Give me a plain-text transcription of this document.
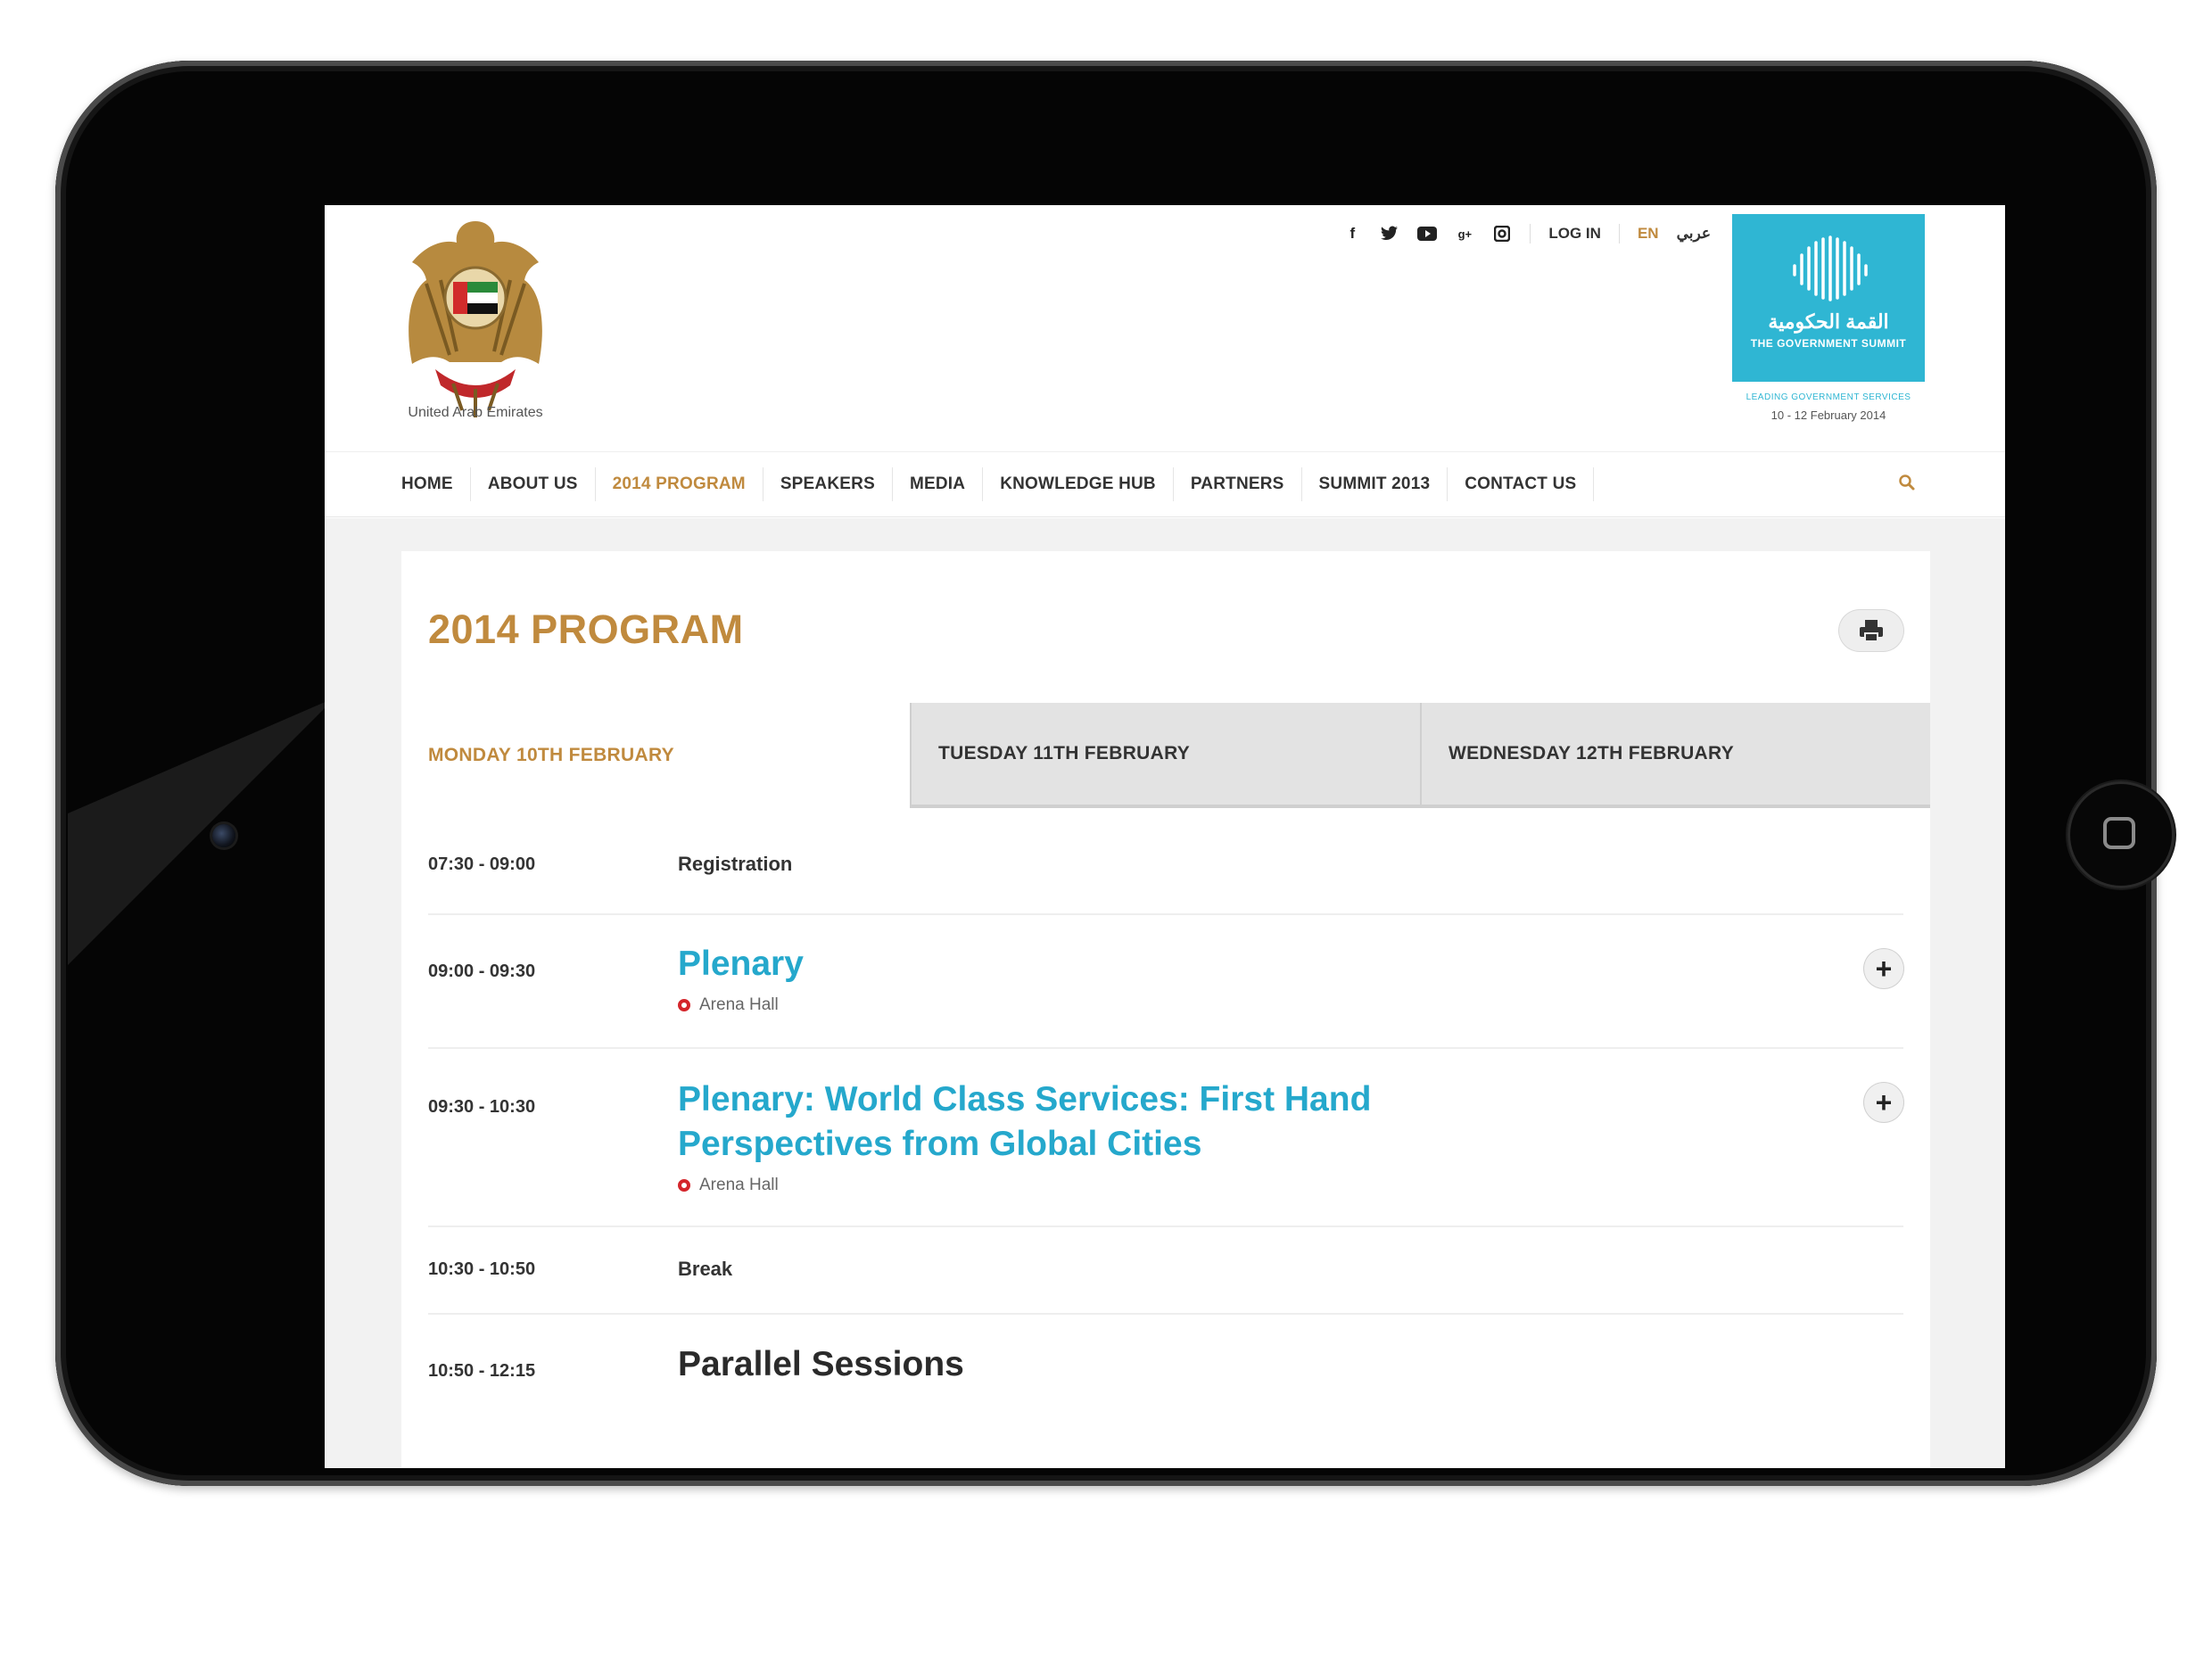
United Arab Emirates
f	g+	LOG IN EN عربي
القمة الحكومية
THE GOVERNMENT SUMMIT
LEADING GOVERNMENT SERVICES
10 - 12 February 2014
HOME	ABOUT US	2014 PROGRAM	SPEAKERS	MEDIA	KNOWLEDGE HUB	PARTNERS	SUMMIT 2013	CONTACT US
2014 PROGRAM
MONDAY 10TH FEBRUARY	TUESDAY 11TH FEBRUARY	WEDNESDAY 12TH FEBRUARY
07:30 - 09:00	Registration
09:00 - 09:30	Plenary
Arena Hall
+
09:30 - 10:30	Plenary: World Class Services: First Hand Perspectives from Global Cities
Arena Hall
+
10:30 - 10:50	Break
10:50 - 12:15	Parallel Sessions
